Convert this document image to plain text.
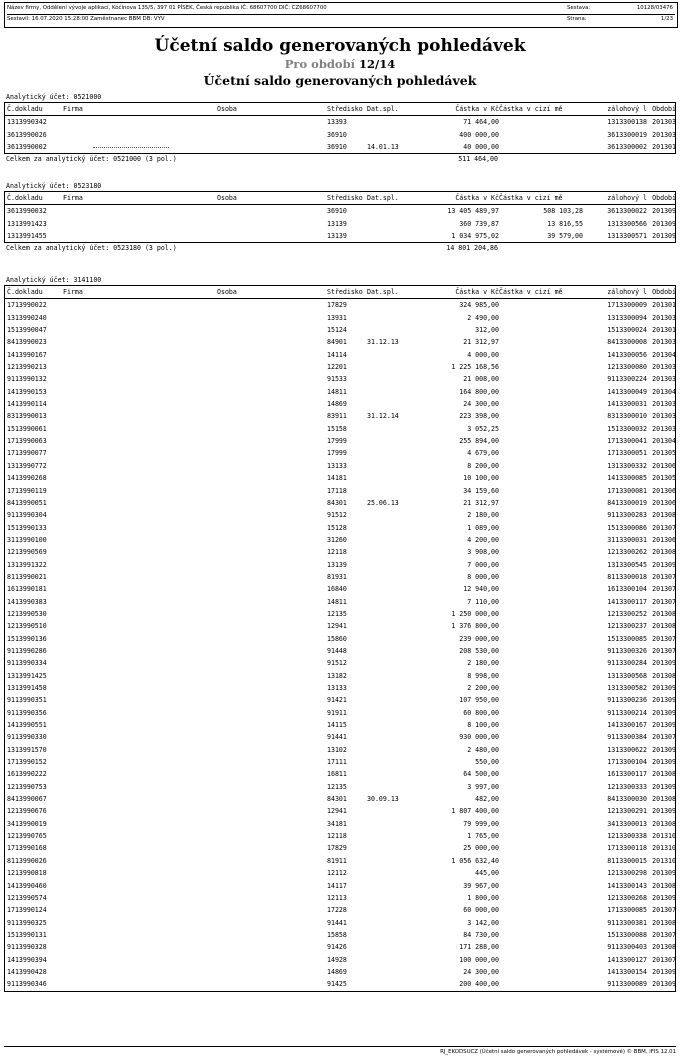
Název firmy, Oddělení vývoje aplikací, Kočínova 135/5, 397 01 PÍSEK, Česká republika IČ: 68607700 DIČ: CZ68607700	Sestava:	10128/03476
Sestavil: 16.07.2020 15:28:00 Zaměstnanec BBM DB: VYV	Strana:	1/23
Účetní saldo generovaných pohledávek
Pro období 12/14
Účetní saldo generovaných pohledávek
Analytický účet: 0521000
Č.dokladu	Firma	Osoba	Středisko Dat.spl.	Částka v Kč Částka v cizí mě	zálohový l Období
1313990342	13393	71 464,00	1313300138 201303
3613990026	36910	400 000,00	3613300019 201303
3613990002	36910	14.01.13	40 000,00	3613300002 201301
Celkem za analytický účet: 0521000 (3 pol.)	511 464,00
Analytický účet: 0523180
Č.dokladu	Firma	Osoba	Středisko Dat.spl.	Částka v Kč Částka v cizí mě	zálohový l Období
3613990032	36910	13 405 489,97	508 103,28	3613300022 201309
1313991423	13139	360 739,87	13 816,55	1313300566 201309
1313991455	13139	1 034 975,02	39 579,00	1313300571 201309
Celkem za analytický účet: 0523180 (3 pol.)	14 801 204,86
Analytický účet: 3141100
Č.dokladu	Firma	Osoba	Středisko Dat.spl.	Částka v Kč Částka v cizí mě	zálohový l Období
1713990022	17829	324 985,00	1713300009 201301
1313990240	13931	2 490,00	1313300094 201303
1513990047	15124	312,00	1513300024 201301
8413990023	84901	31.12.13	21 312,97	8413300008 201303
1413990167	14114	4 000,00	1413300056 201304
1213990213	12201	1 225 168,56	1213300080 201303
9113990132	91533	21 008,00	9113300224 201303
1413990153	14811	164 800,00	1413300049 201304
1413990114	14869	24 300,00	1413300031 201303
8313990013	83911	31.12.14	223 398,00	8313300010 201303
1513990061	15158	3 052,25	1513300032 201303
1713990063	17999	255 894,00	1713300041 201304
1713990077	17999	4 679,00	1713300051 201305
1313990772	13133	8 200,00	1313300332 201306
1413990268	14181	10 100,00	1413300085 201305
1713990119	17118	34 159,60	1713300081 201306
8413990051	84301	25.06.13	21 312,97	8413300019 201306
9113990304	91512	2 180,00	9113300283 201308
1513990133	15128	1 089,00	1513300086 201307
3113990100	31260	4 200,00	3113300031 201306
1213990569	12118	3 908,00	1213300262 201308
1313991322	13139	7 000,00	1313300545 201309
8113990021	81931	8 000,00	8113300018 201307
1613990181	16840	12 940,00	1613300104 201307
1413990383	14811	7 110,00	1413300117 201307
1213990530	12135	1 250 000,00	1213300252 201308
1213990510	12941	1 376 800,00	1213300237 201308
1513990136	15860	239 000,00	1513300085 201307
9113990286	91448	208 530,00	9113300326 201307
9113990334	91512	2 180,00	9113300284 201309
1313991425	13182	8 998,00	1313300568 201308
1313991458	13133	2 200,00	1313300582 201309
9113990351	91421	107 950,00	9113300236 201309
9113990356	91911	60 800,00	9113300214 201309
1413990551	14115	8 100,00	1413300167 201309
9113990330	91441	930 000,00	9113300384 201307
1313991570	13102	2 480,00	1313300622 201309
1713990152	17111	550,00	1713300104 201309
1613990222	16811	64 500,00	1613300117 201308
1213990753	12135	3 997,00	1213300333 201309
8413990067	84301	30.09.13	482,00	8413300030 201308
1213990676	12941	1 807 400,00	1213300291 201309
3413990019	34181	79 999,00	3413300013 201308
1213990765	12118	1 765,00	1213300338 201310
1713990168	17829	25 000,00	1713300118 201310
8113990026	81911	1 056 632,40	8113300015 201310
1213990818	12112	445,00	1213300298 201309
1413990460	14117	39 967,00	1413300143 201308
1213990574	12113	1 800,00	1213300268 201309
1713990124	17228	60 000,00	1713300085 201307
9113990325	91441	3 142,00	9113300381 201308
1513990131	15858	84 730,00	1513300088 201307
9113990328	91426	171 288,00	9113300403 201308
1413990394	14928	100 000,00	1413300127 201307
1413990428	14869	24 300,00	1413300154 201309
9113990346	91425	200 400,00	9113300089 201309
RJ_EKODSUCZ (Účetní saldo generovaných pohledávek - systémové) © BBM, iFIS 12.01
